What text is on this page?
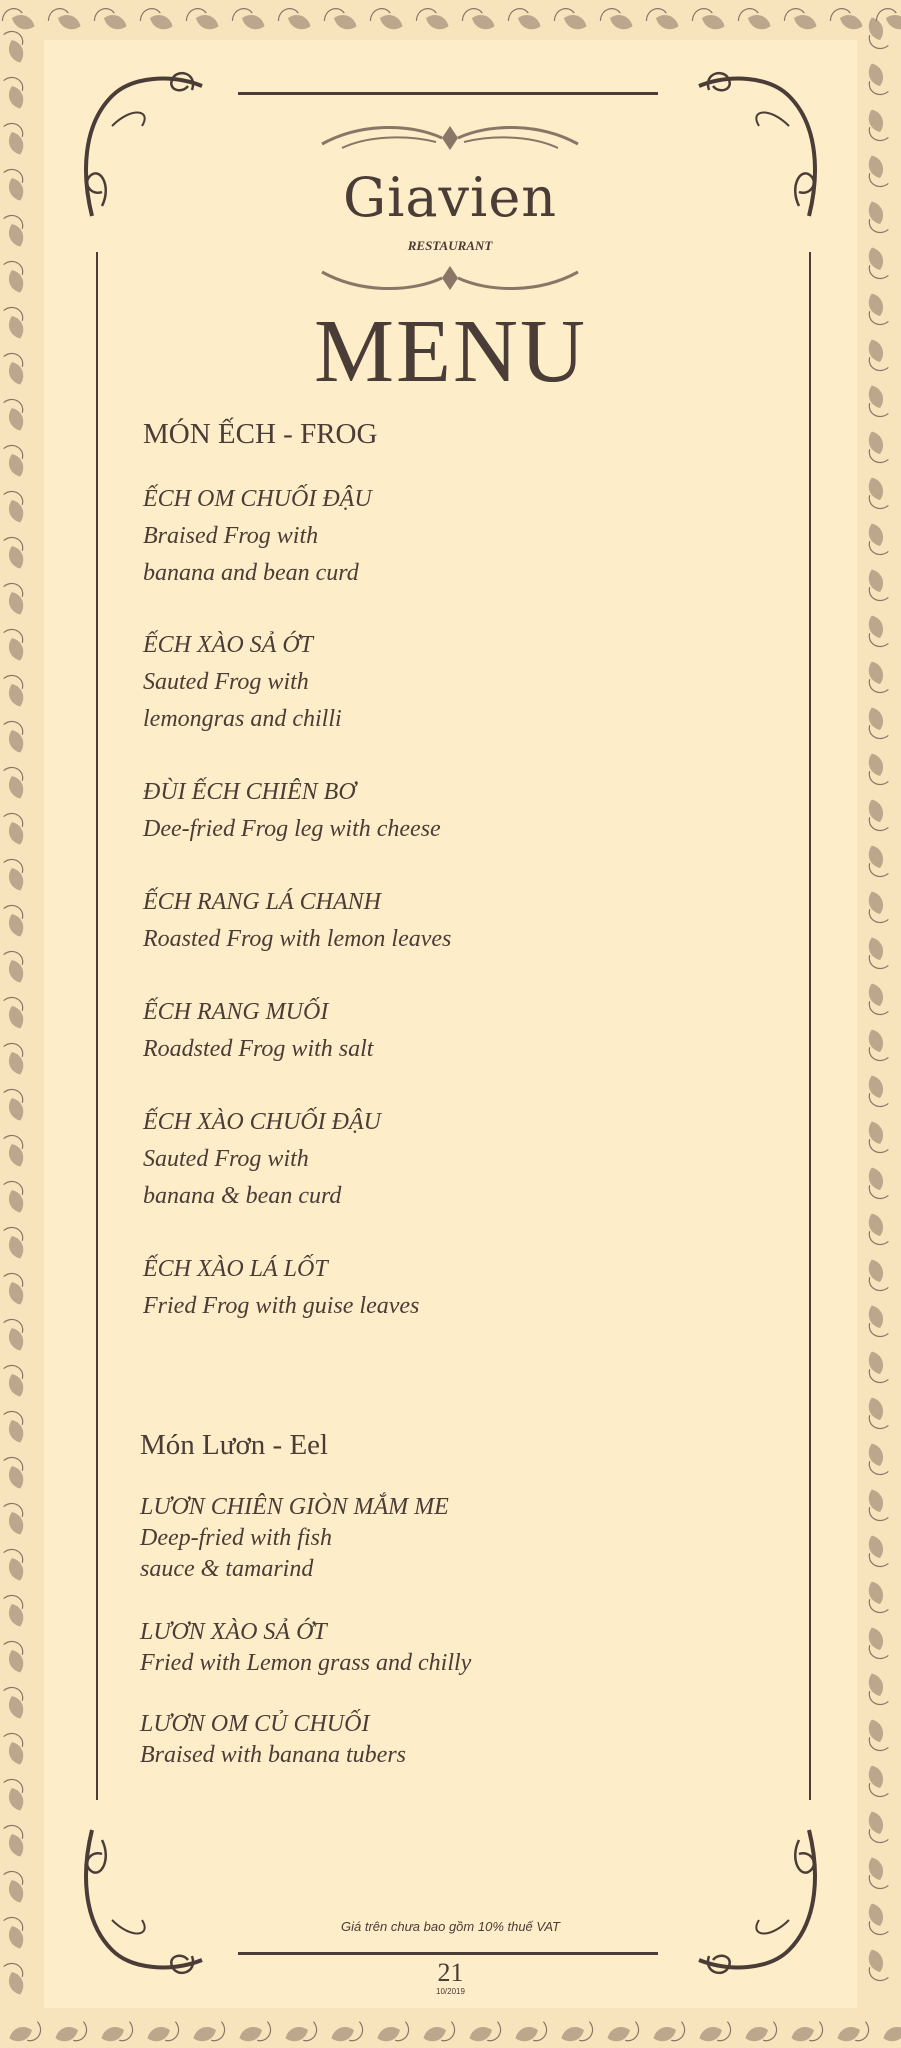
Giavien
RESTAURANT
MENU
MÓN ẾCH - FROG
ẾCH OM CHUỐI ĐẬU
Braised Frog with
banana and bean curd
ẾCH XÀO SẢ ỚT
Sauted Frog with
lemongras and chilli
ĐÙI ẾCH CHIÊN BƠ
Dee-fried Frog leg with cheese
ẾCH RANG LÁ CHANH
Roasted Frog with lemon leaves
ẾCH RANG MUỐI
Roadsted Frog with salt
ẾCH XÀO CHUỐI ĐẬU
Sauted Frog with
banana & bean curd
ẾCH XÀO LÁ LỐT
Fried Frog with guise leaves
Món Lươn - Eel
LƯƠN CHIÊN GIÒN MẮM ME
Deep-fried with fish
sauce & tamarind
LƯƠN XÀO SẢ ỚT
Fried with Lemon grass and chilly
LƯƠN OM CỦ CHUỐI
Braised with banana tubers
Giá trên chưa bao gồm 10% thuế VAT
21
10/2019
